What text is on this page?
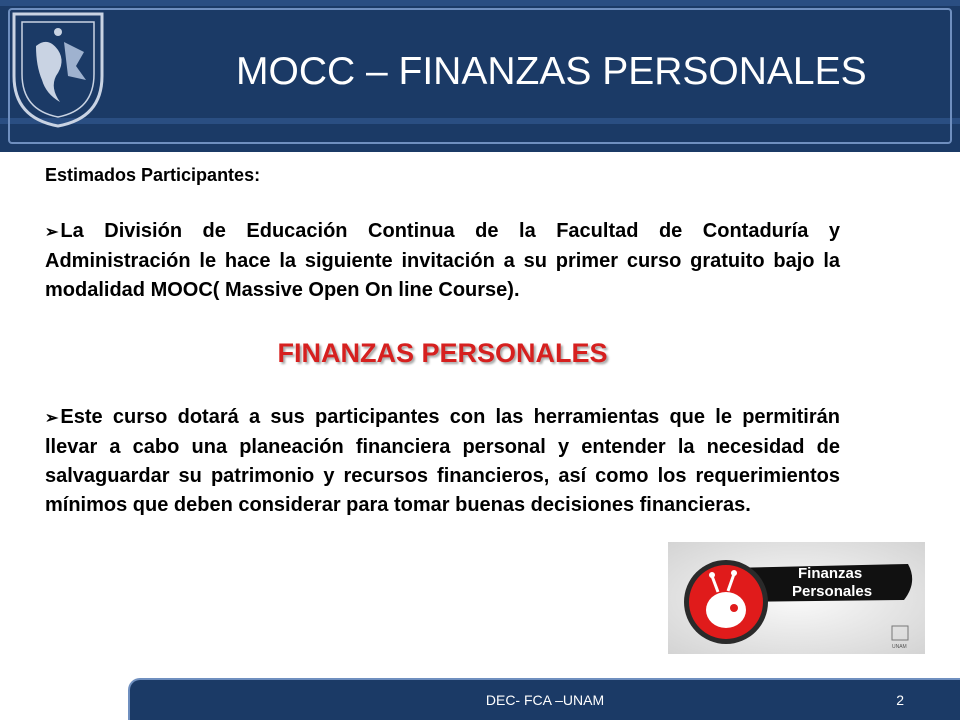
MOCC – FINANZAS PERSONALES
Estimados Participantes:
➢ La División de Educación Continua de la Facultad de Contaduría y Administración le hace la siguiente invitación a su primer curso gratuito bajo la modalidad MOOC( Massive Open On line Course).
FINANZAS PERSONALES
➢ Este curso dotará a sus participantes con las herramientas que le permitirán llevar a cabo una planeación financiera personal y entender la necesidad de salvaguardar su patrimonio y recursos financieros, así como los requerimientos mínimos que deben considerar para tomar buenas decisiones financieras.
Finanzas
Personales
UNAM
DEC- FCA –UNAM	2
